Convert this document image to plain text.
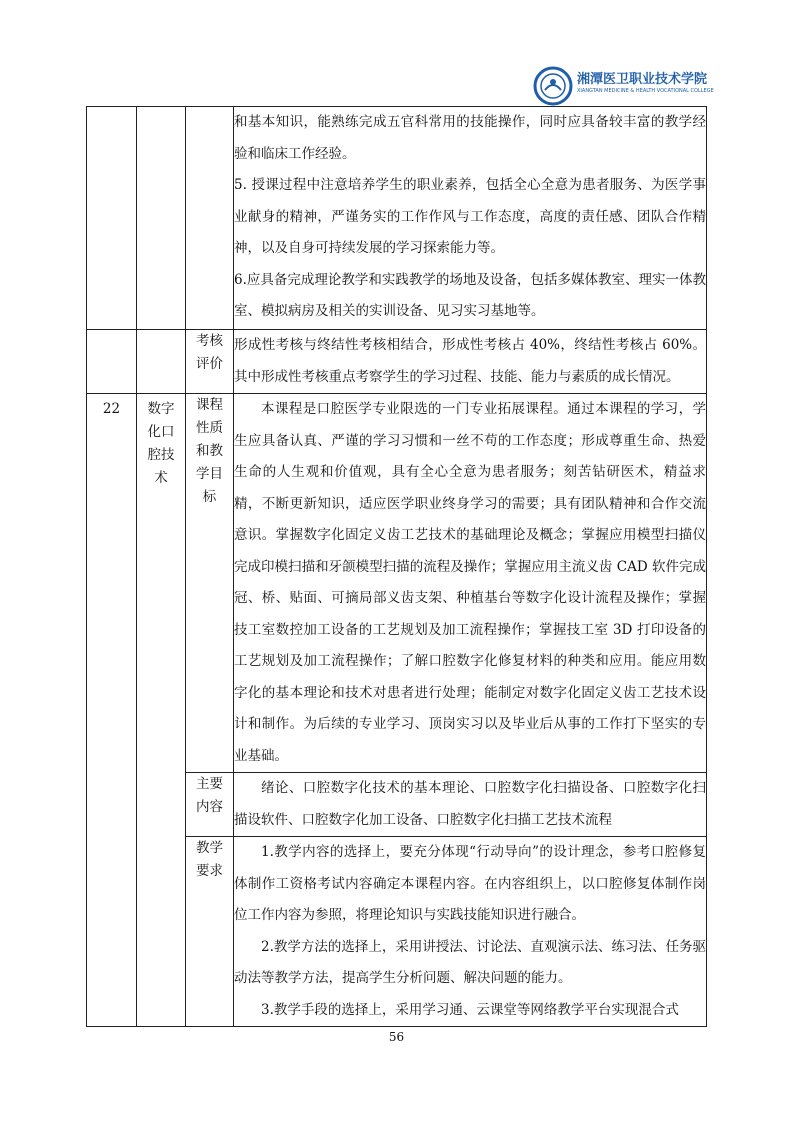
湘潭医卫职业技术学院
XIANGTAN MEDICINE & HEALTH VOCATIONAL COLLEGE

			和基本知识，能熟练完成五官科常用的技能操作，同时应具备较丰富的教学经验和临床工作经验。

5. 授课过程中注意培养学生的职业素养，包括全心全意为患者服务、为医学事业献身的精神，严谨务实的工作作风与工作态度，高度的责任感、团队合作精神，以及自身可持续发展的学习探索能力等。

6.应具备完成理论教学和实践教学的场地及设备，包括多媒体教室、理实一体教室、模拟病房及相关的实训设备、见习实习基地等。

		考核评价	形成性考核与终结性考核相结合，形成性考核占 40%，终结性考核占 60%。其中形成性考核重点考察学生的学习过程、技能、能力与素质的成长情况。

22	数字化口腔技术	课程性质和教学目标	本课程是口腔医学专业限选的一门专业拓展课程。通过本课程的学习，学生应具备认真、严谨的学习习惯和一丝不苟的工作态度；形成尊重生命、热爱生命的人生观和价值观，具有全心全意为患者服务；刻苦钻研医术，精益求精，不断更新知识，适应医学职业终身学习的需要；具有团队精神和合作交流意识。掌握数字化固定义齿工艺技术的基础理论及概念；掌握应用模型扫描仪完成印模扫描和牙颌模型扫描的流程及操作；掌握应用主流义齿 CAD 软件完成冠、桥、贴面、可摘局部义齿支架、种植基台等数字化设计流程及操作；掌握技工室数控加工设备的工艺规划及加工流程操作；掌握技工室 3D 打印设备的工艺规划及加工流程操作；了解口腔数字化修复材料的种类和应用。能应用数字化的基本理论和技术对患者进行处理；能制定对数字化固定义齿工艺技术设计和制作。为后续的专业学习、顶岗实习以及毕业后从事的工作打下坚实的专业基础。

		主要内容	绪论、口腔数字化技术的基本理论、口腔数字化扫描设备、口腔数字化扫描设软件、口腔数字化加工设备、口腔数字化扫描工艺技术流程

		教学要求	1.教学内容的选择上，要充分体现“行动导向”的设计理念，参考口腔修复体制作工资格考试内容确定本课程内容。在内容组织上，以口腔修复体制作岗位工作内容为参照，将理论知识与实践技能知识进行融合。

2.教学方法的选择上，采用讲授法、讨论法、直观演示法、练习法、任务驱动法等教学方法，提高学生分析问题、解决问题的能力。

3.教学手段的选择上，采用学习通、云课堂等网络教学平台实现混合式

56
